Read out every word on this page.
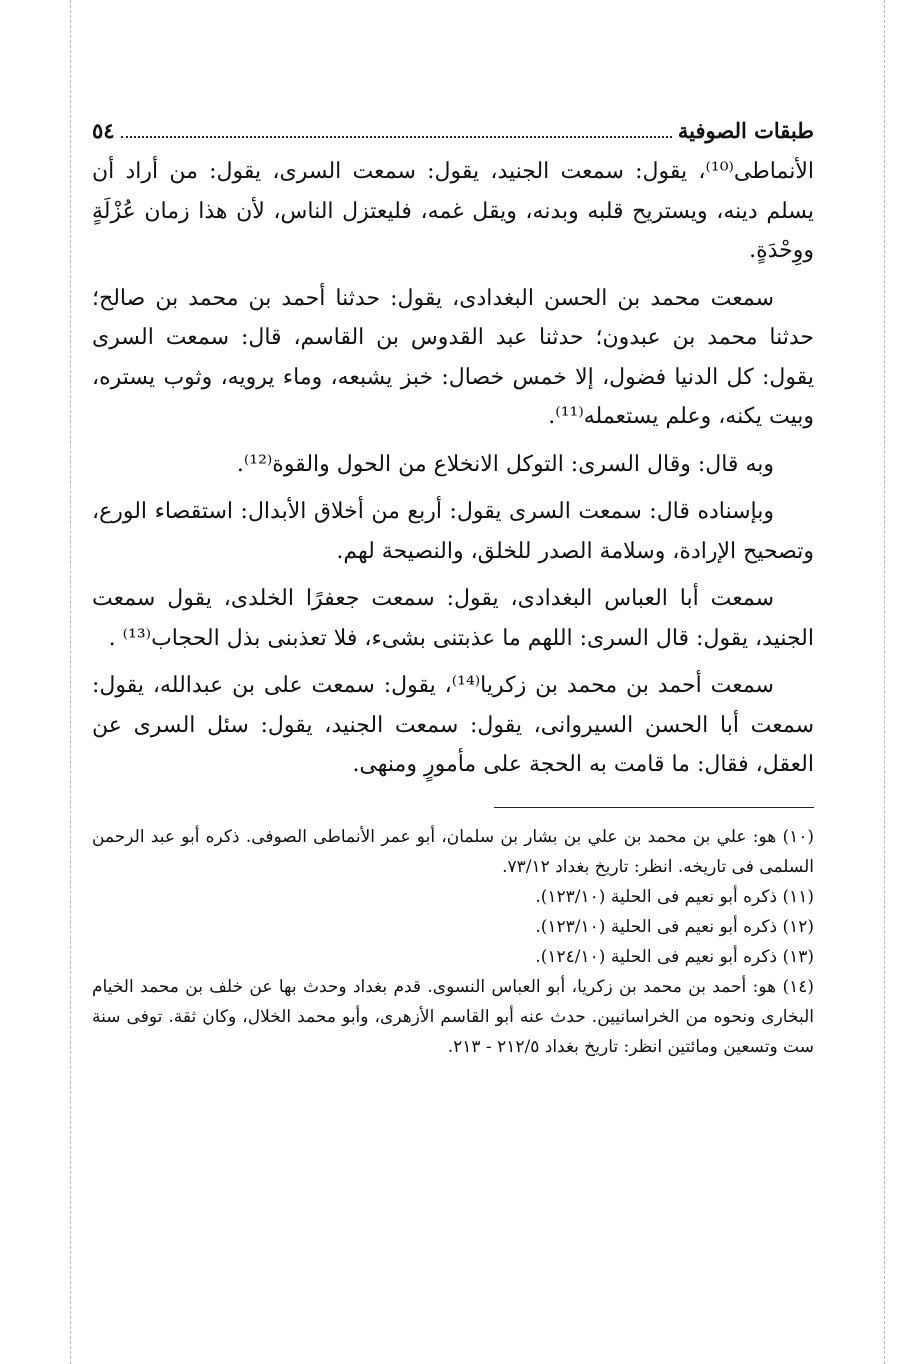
طبقات الصوفية
٥٤

الأنماطى⁽¹⁰⁾، يقول: سمعت الجنيد، يقول: سمعت السرى، يقول: من أراد أن يسلم دينه، ويستريح قلبه وبدنه، ويقل غمه، فليعتزل الناس، لأن هذا زمان عُزْلَةٍ ووِحْدَةٍ.

سمعت محمد بن الحسن البغدادى، يقول: حدثنا أحمد بن محمد بن صالح؛ حدثنا محمد بن عبدون؛ حدثنا عبد القدوس بن القاسم، قال: سمعت السرى يقول: كل الدنيا فضول، إلا خمس خصال: خبز يشبعه، وماء يرويه، وثوب يستره، وبيت يكنه، وعلم يستعمله⁽¹¹⁾.

وبه قال: وقال السرى: التوكل الانخلاع من الحول والقوة⁽¹²⁾.

وبإسناده قال: سمعت السرى يقول: أربع من أخلاق الأبدال: استقصاء الورع، وتصحيح الإرادة، وسلامة الصدر للخلق، والنصيحة لهم.

سمعت أبا العباس البغدادى، يقول: سمعت جعفرًا الخلدى، يقول سمعت الجنيد، يقول: قال السرى: اللهم ما عذبتنى بشىء، فلا تعذبنى بذل الحجاب⁽¹³⁾ .

سمعت أحمد بن محمد بن زكريا⁽¹⁴⁾، يقول: سمعت على بن عبدالله، يقول: سمعت أبا الحسن السيروانى، يقول: سمعت الجنيد، يقول: سئل السرى عن العقل، فقال: ما قامت به الحجة على مأمورٍ ومنهى.

(١٠) هو: علي بن محمد بن علي بن بشار بن سلمان، أبو عمر الأنماطى الصوفى. ذكره أبو عبد الرحمن السلمى فى تاريخه. انظر: تاريخ بغداد ٧٣/١٢.

(١١) ذكره أبو نعيم فى الحلية (١٢٣/١٠).

(١٢) ذكره أبو نعيم فى الحلية (١٢٣/١٠).

(١٣) ذكره أبو نعيم فى الحلية (١٢٤/١٠).

(١٤) هو: أحمد بن محمد بن زكريا، أبو العباس النسوى. قدم بغداد وحدث بها عن خلف بن محمد الخيام البخارى ونحوه من الخراسانيين. حدث عنه أبو القاسم الأزهرى، وأبو محمد الخلال، وكان ثقة. توفى سنة ست وتسعين ومائتين انظر: تاريخ بغداد ٢١٢/٥ - ٢١٣.
